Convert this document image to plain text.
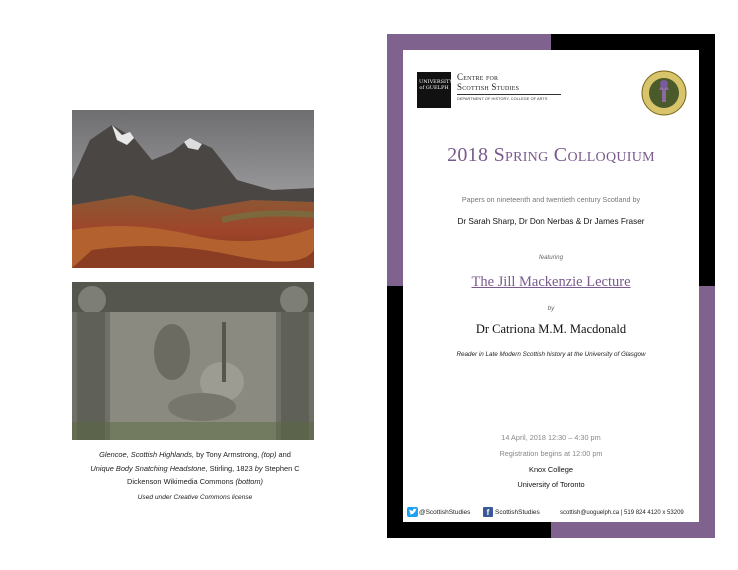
Glencoe, Scottish Highlands, by Tony Armstrong, (top) and
Unique Body Snatching Headstone, Stirling, 1823 by Stephen C
Dickenson Wikimedia Commons (bottom)
Used under Creative Commons license
UNIVERSITY of GUELPH
Centre for
Scottish Studies
DEPARTMENT OF HISTORY, COLLEGE OF ARTS
2018 Spring Colloquium
Papers on nineteenth and twentieth century Scotland by
Dr Sarah Sharp, Dr Don Nerbas & Dr James Fraser
featuring
The Jill Mackenzie Lecture
by
Dr Catriona M.M. Macdonald
Reader in Late Modern Scottish history at the University of Glasgow
14 April, 2018 12:30 – 4:30 pm
Registration begins at 12:00 pm
Knox College
University of Toronto
@ScottishStudies	f ScottishStudies	scottish@uoguelph.ca | 519 824 4120 x 53209
